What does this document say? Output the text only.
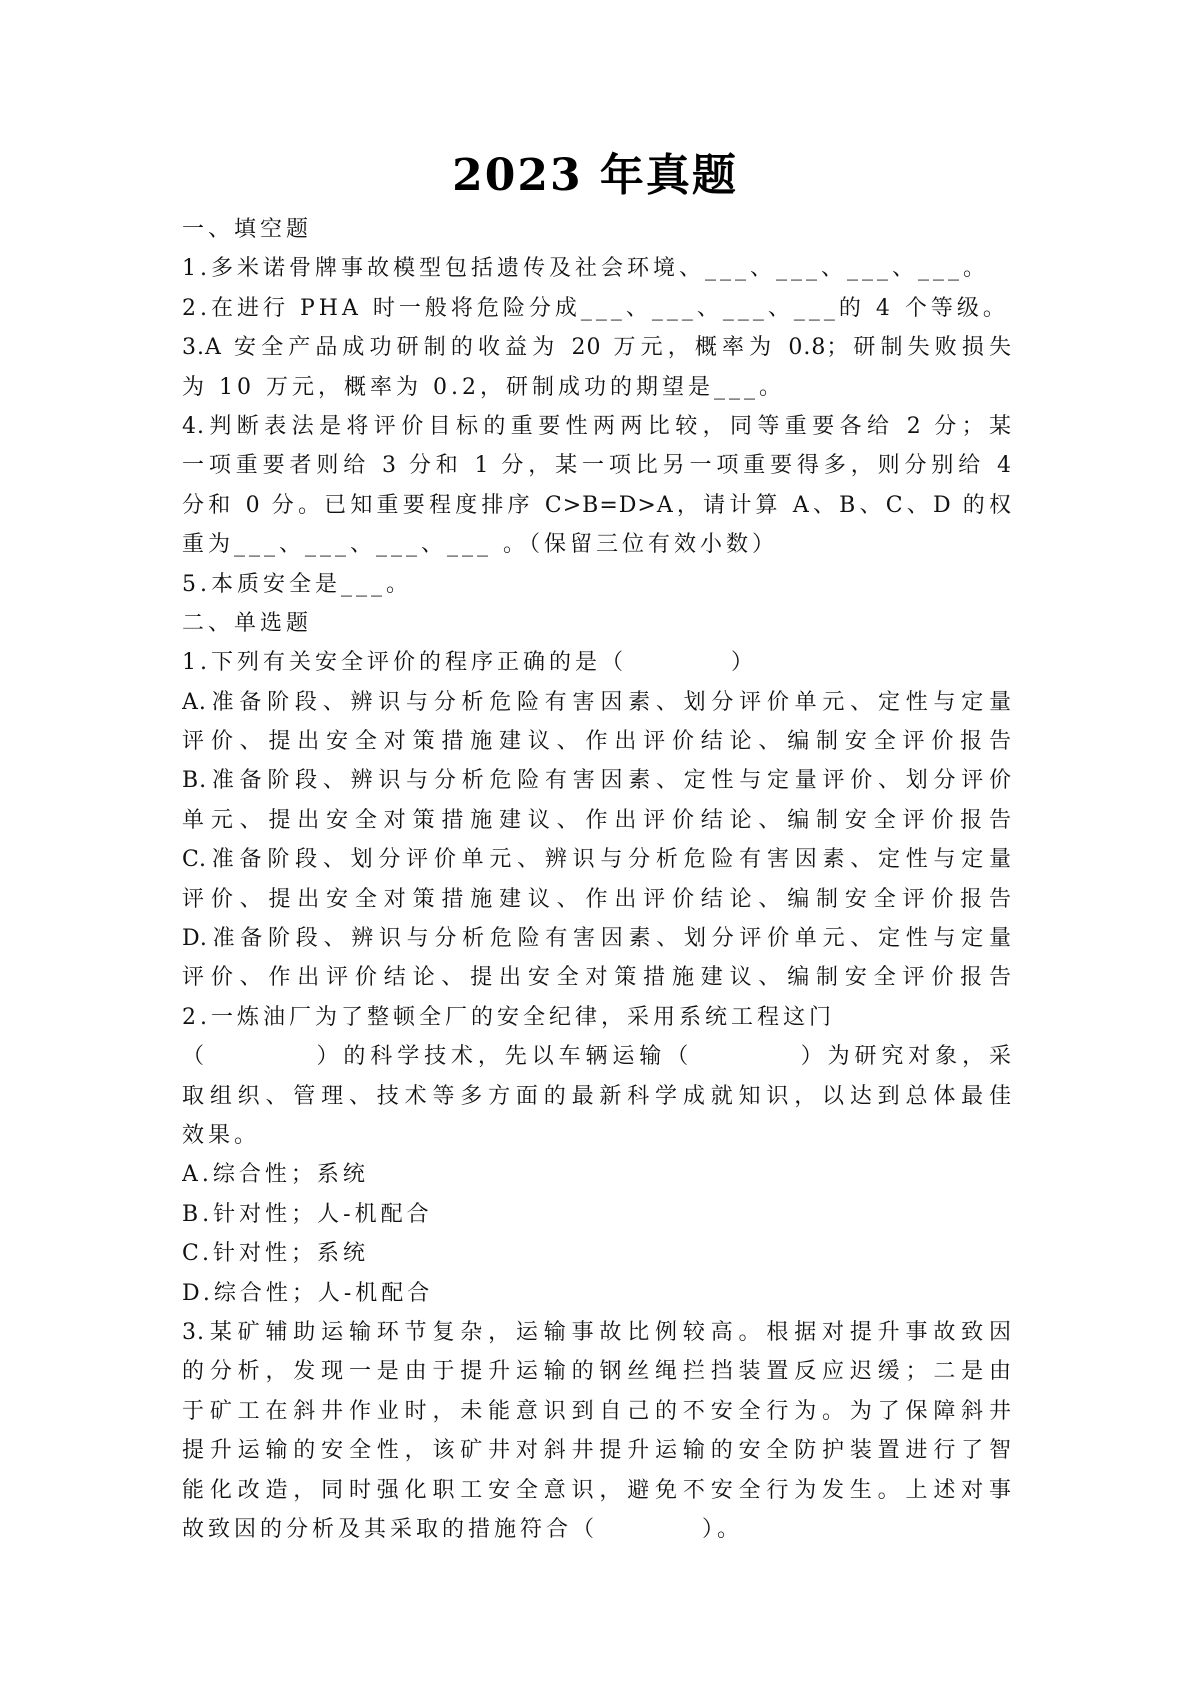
2023 年真题
一、填空题
1.多米诺骨牌事故模型包括遗传及社会环境、___、___、___、___。
2.在进行 PHA 时一般将危险分成___、___、___、___的 4 个等级。
3.A 安全产品成功研制的收益为 20 万元，概率为 0.8；研制失败损失
为 10 万元，概率为 0.2，研制成功的期望是___。
4.判断表法是将评价目标的重要性两两比较，同等重要各给 2 分；某
一项重要者则给 3 分和 1 分，某一项比另一项重要得多，则分别给 4
分和 0 分。已知重要程度排序 C>B=D>A，请计算 A、B、C、D 的权
重为___、___、___、___ 。（保留三位有效小数）
5.本质安全是___。
二、单选题
1.下列有关安全评价的程序正确的是（　　　　）
A.准备阶段、辨识与分析危险有害因素、划分评价单元、定性与定量
评价、提出安全对策措施建议、作出评价结论、编制安全评价报告
B.准备阶段、辨识与分析危险有害因素、定性与定量评价、划分评价
单元、提出安全对策措施建议、作出评价结论、编制安全评价报告
C.准备阶段、划分评价单元、辨识与分析危险有害因素、定性与定量
评价、提出安全对策措施建议、作出评价结论、编制安全评价报告
D.准备阶段、辨识与分析危险有害因素、划分评价单元、定性与定量
评价、作出评价结论、提出安全对策措施建议、编制安全评价报告
2.一炼油厂为了整顿全厂的安全纪律，采用系统工程这门
（　　　　）的科学技术，先以车辆运输（　　　　）为研究对象，采
取组织、管理、技术等多方面的最新科学成就知识，以达到总体最佳
效果。
A.综合性；系统
B.针对性；人-机配合
C.针对性；系统
D.综合性；人-机配合
3.某矿辅助运输环节复杂，运输事故比例较高。根据对提升事故致因
的分析，发现一是由于提升运输的钢丝绳拦挡装置反应迟缓；二是由
于矿工在斜井作业时，未能意识到自己的不安全行为。为了保障斜井
提升运输的安全性，该矿井对斜井提升运输的安全防护装置进行了智
能化改造，同时强化职工安全意识，避免不安全行为发生。上述对事
故致因的分析及其采取的措施符合（　　　　）。
